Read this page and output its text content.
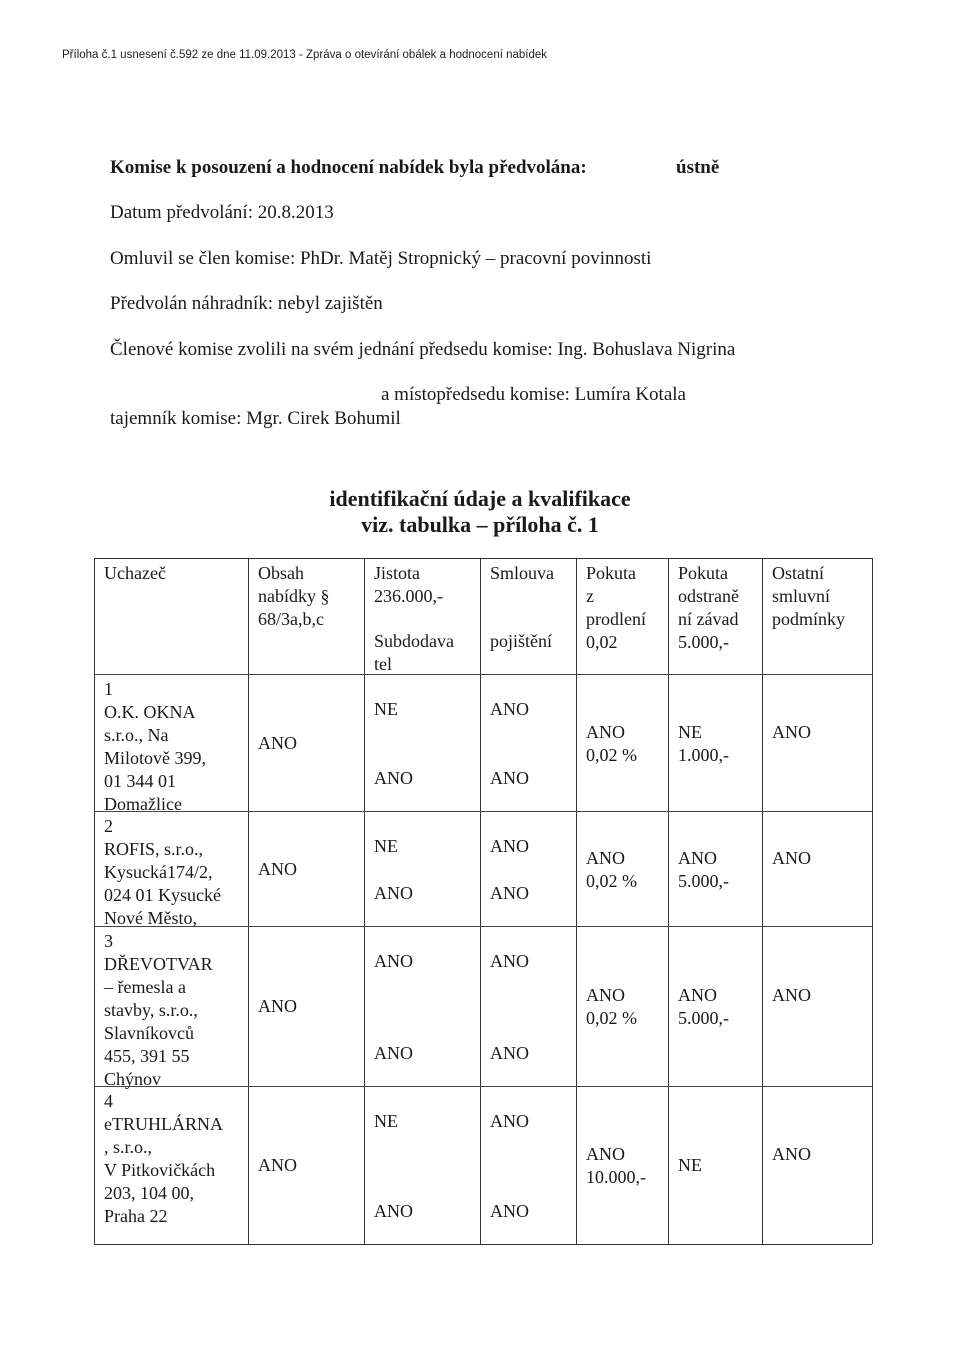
Příloha č.1 usnesení č.592 ze dne 11.09.2013 - Zpráva o otevírání obálek a hodnocení nabídek
Komise k posouzení a hodnocení nabídek byla předvolána:	ústně
Datum předvolání: 20.8.2013
Omluvil se člen komise: PhDr. Matěj Stropnický – pracovní povinnosti
Předvolán náhradník: nebyl zajištěn
Členové komise zvolili na svém jednání předsedu komise: Ing. Bohuslava Nigrina
a místopředsedu komise: Lumíra Kotala
tajemník komise: Mgr. Cirek Bohumil
identifikační údaje a kvalifikace
viz. tabulka – příloha č. 1
Uchazeč	Obsah
nabídky §
68/3a,b,c
Jistota
236.000,-
Subdodava
tel
Smlouva
pojištění
Pokuta
z
prodlení
0,02
Pokuta
odstraně
ní závad
5.000,-
Ostatní
smluvní
podmínky
1
O.K. OKNA
s.r.o., Na
Milotově 399,
01 344 01
Domažlice
ANO
NE
ANO
ANO
ANO
ANO
0,02 %
NE
1.000,-
ANO
2
ROFIS, s.r.o.,
Kysucká174/2,
024 01 Kysucké
Nové Město,
ANO
NE
ANO
ANO
ANO
ANO
0,02 %
ANO
5.000,-
ANO
3
DŘEVOTVAR
– řemesla a
stavby, s.r.o.,
Slavníkovců
455, 391 55
Chýnov
ANO
ANO
ANO
ANO
ANO
ANO
0,02 %
ANO
5.000,-
ANO
4
eTRUHLÁRNA
, s.r.o.,
V Pitkovičkách
203, 104 00,
Praha 22
ANO
NE
ANO
ANO
ANO
ANO
10.000,-
NE
ANO
